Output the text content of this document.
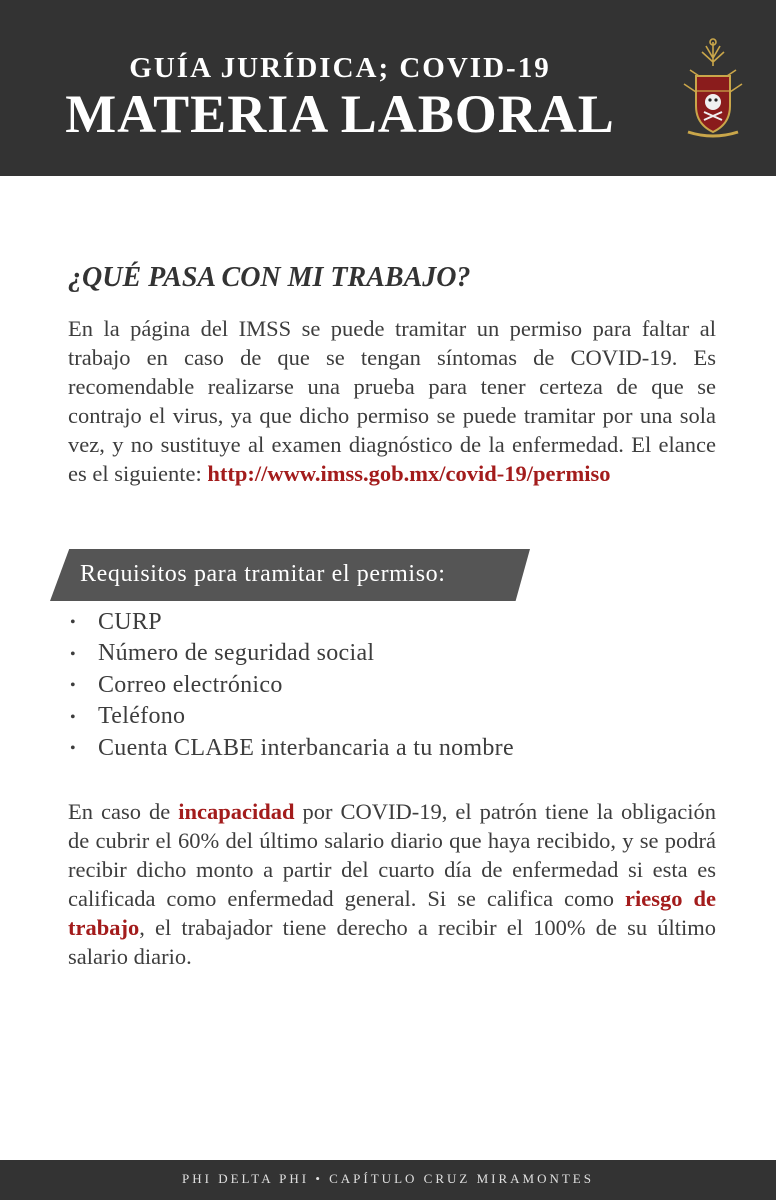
GUÍA JURÍDICA; COVID-19
MATERIA LABORAL
¿QUÉ PASA CON MI TRABAJO?
En la página del IMSS se puede tramitar un permiso para faltar al trabajo en caso de que se tengan síntomas de COVID-19. Es recomendable realizarse una prueba para tener certeza de que se contrajo el virus, ya que dicho permiso se puede tramitar por una sola vez, y no sustituye al examen diagnóstico de la enfermedad. El elance es el siguiente: http://www.imss.gob.mx/covid-19/permiso
Requisitos para tramitar el permiso:
• CURP
• Número de seguridad social
• Correo electrónico
• Teléfono
• Cuenta CLABE interbancaria a tu nombre
En caso de incapacidad por COVID-19, el patrón tiene la obligación de cubrir el 60% del último salario diario que haya recibido, y se podrá recibir dicho monto a partir del cuarto día de enfermedad si esta es calificada como enfermedad general. Si se califica como riesgo de trabajo, el trabajador tiene derecho a recibir el 100% de su último salario diario.
PHI DELTA PHI • CAPÍTULO CRUZ MIRAMONTES
